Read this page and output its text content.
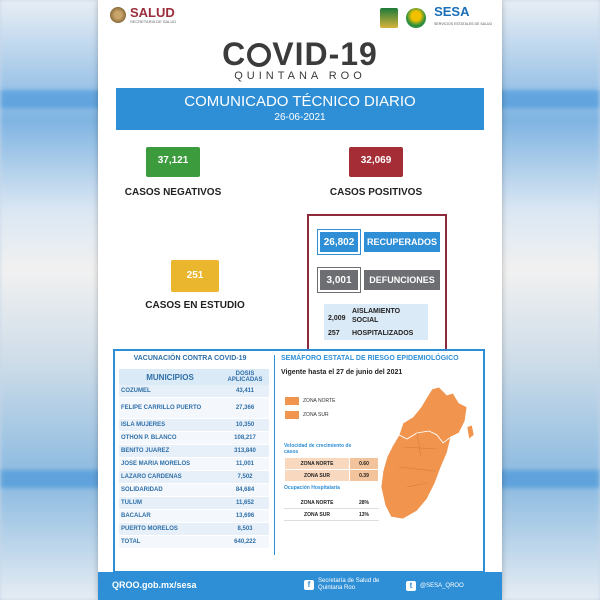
SALUD
SECRETARÍA DE SALUD
SESA
SERVICIOS ESTATALES DE SALUD
C VID-19
QUINTANA ROO
COMUNICADO TÉCNICO DIARIO
26-06-2021
37,121
CASOS NEGATIVOS
32,069
CASOS POSITIVOS
251
CASOS EN ESTUDIO
26,802	RECUPERADOS
3,001	DEFUNCIONES
2,009
AISLAMIENTO SOCIAL
257 HOSPITALIZADOS
VACUNACIÓN CONTRA COVID-19
MUNICIPIOS	DOSIS APLICADAS
COZUMEL	43,411
FELIPE CARRILLO PUERTO	27,366
ISLA MUJERES	10,350
OTHON P. BLANCO	108,217
BENITO JUAREZ	313,840
JOSE MARIA MORELOS	11,001
LAZARO CARDENAS	7,502
SOLIDARIDAD	84,684
TULUM	11,652
BACALAR	13,696
PUERTO MORELOS	8,503
TOTAL	640,222
SEMÁFORO ESTATAL DE RIESGO EPIDEMIOLÓGICO
Vigente hasta el 27 de junio del 2021
ZONA NORTE
ZONA SUR
Velocidad de crecimiento de casos
ZONA NORTE	0.60
ZONA SUR	0.39
Ocupación Hospitalaria
ZONA NORTE	28%
ZONA SUR	13%
QROO.gob.mx/sesa	f	Secretaría de Salud de Quintana Roo	t	@SESA_QROO
